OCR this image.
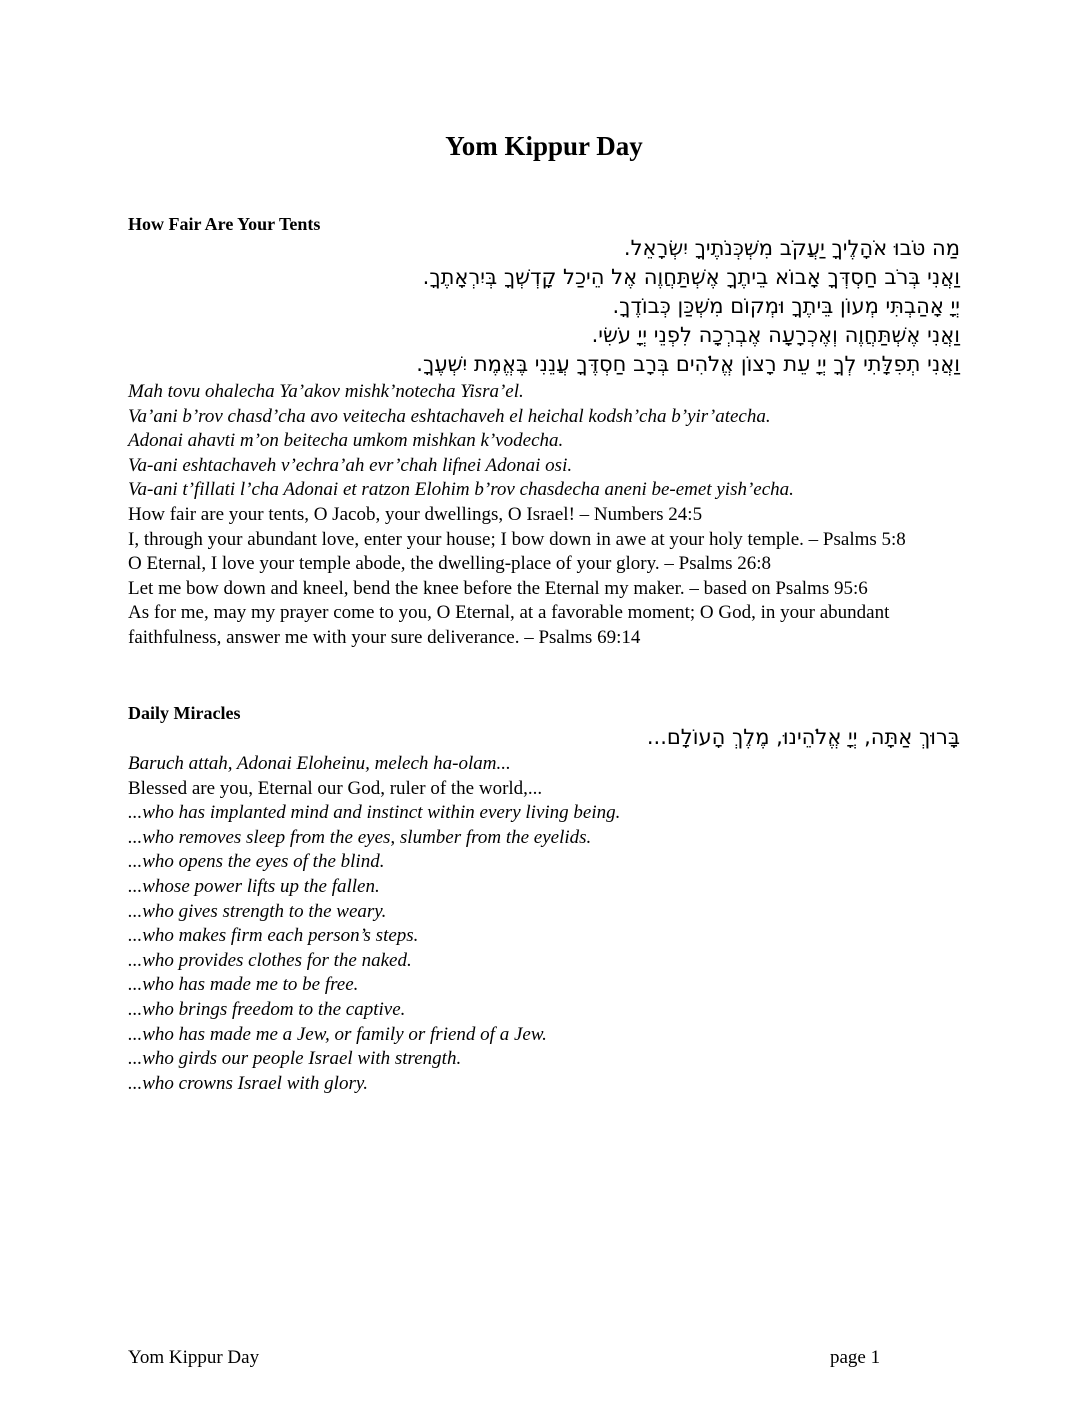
Yom Kippur Day
How Fair Are Your Tents
מַה טֹּבוּ אֹהָלֶיךָ יַעֲקֹב מִשְׁכְּנֹתֶיךָ יִשְׂרָאֵל.
וַאֲנִי בְּרֹב חַסְדְּךָ אָבוֹא בֵיתֶךָ אֶשְׁתַּחֲוֶה אֶל הֵיכַל קָדְשְׁךָ בְּיִרְאָתֶךָ.
יְיָ אָהַבְתִּי מְעוֹן בֵּיתֶךָ וּמְקוֹם מִשְׁכַּן כְּבוֹדֶךָ.
וַאֲנִי אֶשְׁתַּחֲוֶה וְאֶכְרָעָה אֶבְרְכָה לִפְנֵי יְיָ עֹשִׂי.
וַאֲנִי תְפִלָּתִי לְךָ יְיָ עֵת רָצוֹן אֱלֹהִים בְּרָב חַסְדֶּךָ עֲנֵנִי בֶּאֱמֶת יִשְׁעֶךָ.
Mah tovu ohalecha Ya’akov mishk’notecha Yisra’el.
Va’ani b’rov chasd’cha avo veitecha eshtachaveh el heichal kodsh’cha b’yir’atecha.
Adonai ahavti m’on beitecha umkom mishkan k’vodecha.
Va-ani eshtachaveh v’echra’ah evr’chah lifnei Adonai osi.
Va-ani t’fillati l’cha Adonai et ratzon Elohim b’rov chasdecha aneni be-emet yish’echa.
How fair are your tents, O Jacob, your dwellings, O Israel! – Numbers 24:5
I, through your abundant love, enter your house; I bow down in awe at your holy temple. – Psalms 5:8
O Eternal, I love your temple abode, the dwelling-place of your glory. – Psalms 26:8
Let me bow down and kneel, bend the knee before the Eternal my maker. – based on Psalms 95:6
As for me, may my prayer come to you, O Eternal, at a favorable moment; O God, in your abundant faithfulness, answer me with your sure deliverance. – Psalms 69:14
Daily Miracles
בָּרוּךְ אַתָּה, יְיָ אֱלֹהֵינוּ, מֶלֶךְ הָעוֹלָם...
Baruch attah, Adonai Eloheinu, melech ha-olam...
Blessed are you, Eternal our God, ruler of the world,...
...who has implanted mind and instinct within every living being.
...who removes sleep from the eyes, slumber from the eyelids.
...who opens the eyes of the blind.
...whose power lifts up the fallen.
...who gives strength to the weary.
...who makes firm each person’s steps.
...who provides clothes for the naked.
...who has made me to be free.
...who brings freedom to the captive.
...who has made me a Jew, or family or friend of a Jew.
...who girds our people Israel with strength.
...who crowns Israel with glory.
Yom Kippur Day	page 1
